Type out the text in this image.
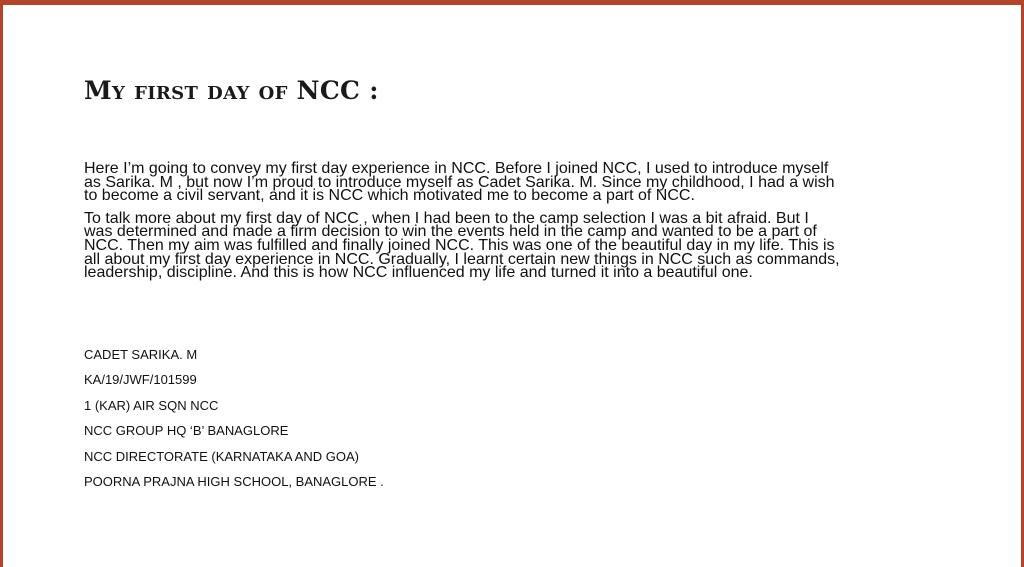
My first day of NCC :

Here I’m going to convey my first day experience in NCC. Before I joined NCC, I used to introduce myself
as Sarika. M , but now I’m proud to introduce myself as Cadet Sarika. M. Since my childhood, I had a wish
to become a civil servant, and it is NCC which motivated me to become a part of NCC.

To talk more about my first day of NCC , when I had been to the camp selection I was a bit afraid. But I
was determined and made a firm decision to win the events held in the camp and wanted to be a part of
NCC. Then my aim was fulfilled and finally joined NCC. This was one of the beautiful day in my life. This is
all about my first day experience in NCC. Gradually, I learnt certain new things in NCC such as commands,
leadership, discipline. And this is how NCC influenced my life and turned it into a beautiful one.

CADET SARIKA. M
KA/19/JWF/101599
1 (KAR) AIR SQN NCC
NCC GROUP HQ ‘B’ BANAGLORE
NCC DIRECTORATE (KARNATAKA AND GOA)
POORNA PRAJNA HIGH SCHOOL, BANAGLORE .
